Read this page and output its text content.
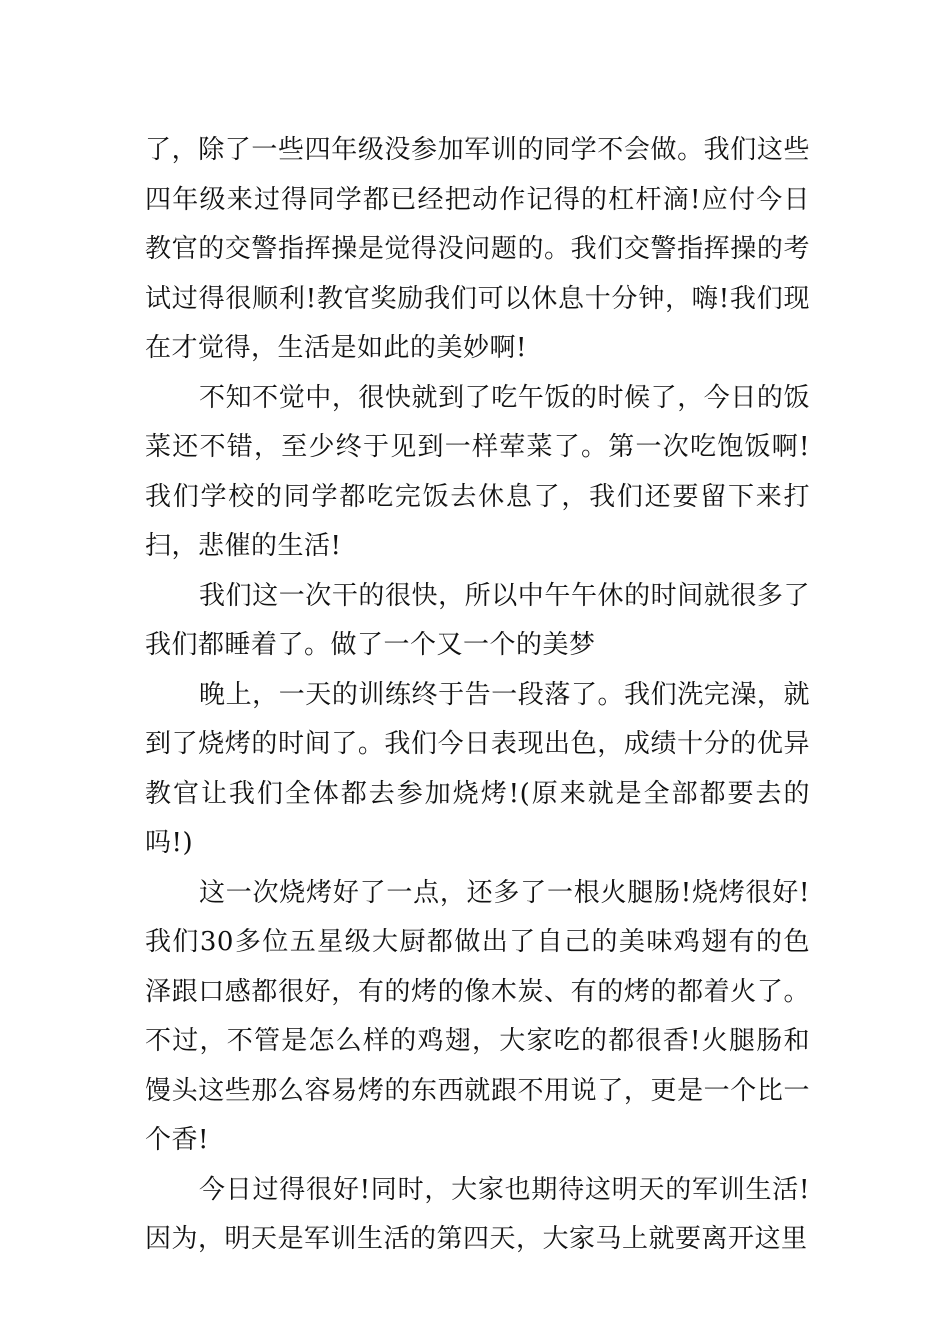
了，除了一些四年级没参加军训的同学不会做。我们这些四年级来过得同学都已经把动作记得的杠杆滴!应付今日教官的交警指挥操是觉得没问题的。我们交警指挥操的考试过得很顺利!教官奖励我们可以休息十分钟，嗨!我们现在才觉得，生活是如此的美妙啊!

不知不觉中，很快就到了吃午饭的时候了，今日的饭菜还不错，至少终于见到一样荤菜了。第一次吃饱饭啊!我们学校的同学都吃完饭去休息了，我们还要留下来打扫，悲催的生活!

我们这一次干的很快，所以中午午休的时间就很多了我们都睡着了。做了一个又一个的美梦

晚上，一天的训练终于告一段落了。我们洗完澡，就到了烧烤的时间了。我们今日表现出色，成绩十分的优异教官让我们全体都去参加烧烤!(原来就是全部都要去的吗!)

这一次烧烤好了一点，还多了一根火腿肠!烧烤很好!我们30多位五星级大厨都做出了自己的美味鸡翅有的色泽跟口感都很好，有的烤的像木炭、有的烤的都着火了。不过，不管是怎么样的鸡翅，大家吃的都很香!火腿肠和馒头这些那么容易烤的东西就跟不用说了，更是一个比一个香!

今日过得很好!同时，大家也期待这明天的军训生活!因为，明天是军训生活的第四天，大家马上就要离开这里
